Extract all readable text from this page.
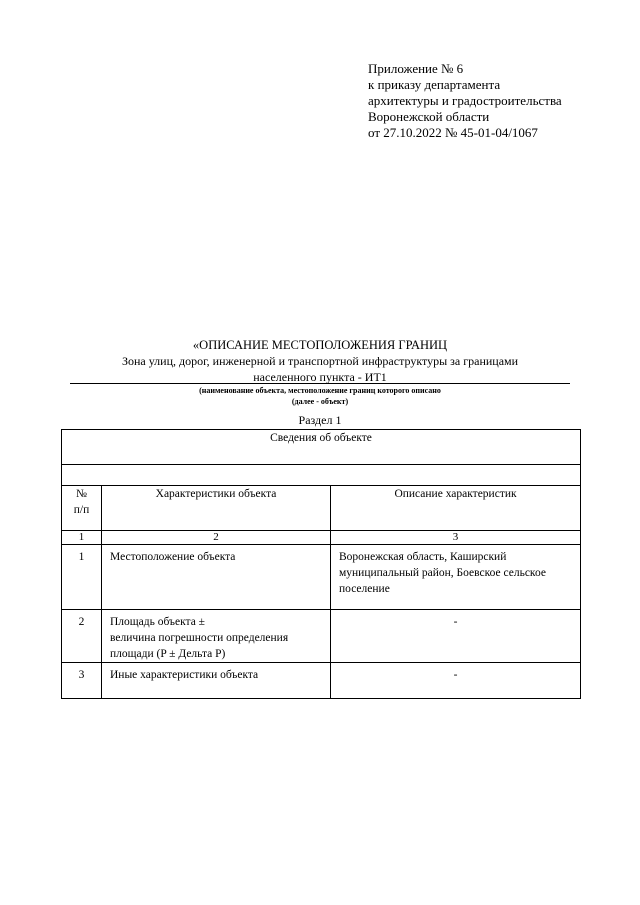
Приложение № 6
к приказу департамента
архитектуры и градостроительства
Воронежской области
от 27.10.2022 № 45-01-04/1067
«ОПИСАНИЕ МЕСТОПОЛОЖЕНИЯ ГРАНИЦ
Зона улиц, дорог, инженерной и транспортной инфраструктуры за границами
населенного пункта - ИТ1
(наименование объекта, местоположение границ которого описано
(далее - объект)
Раздел 1
Сведения об объекте		

№ п/п	Характеристики объекта	Описание характеристик
1	2	3
1	Местоположение объекта	Воронежская область, Каширский муниципальный район, Боевское сельское поселение
2	Площадь объекта ±
величина погрешности определения
площади (P ± Дельта P)	-
3	Иные характеристики объекта	-
